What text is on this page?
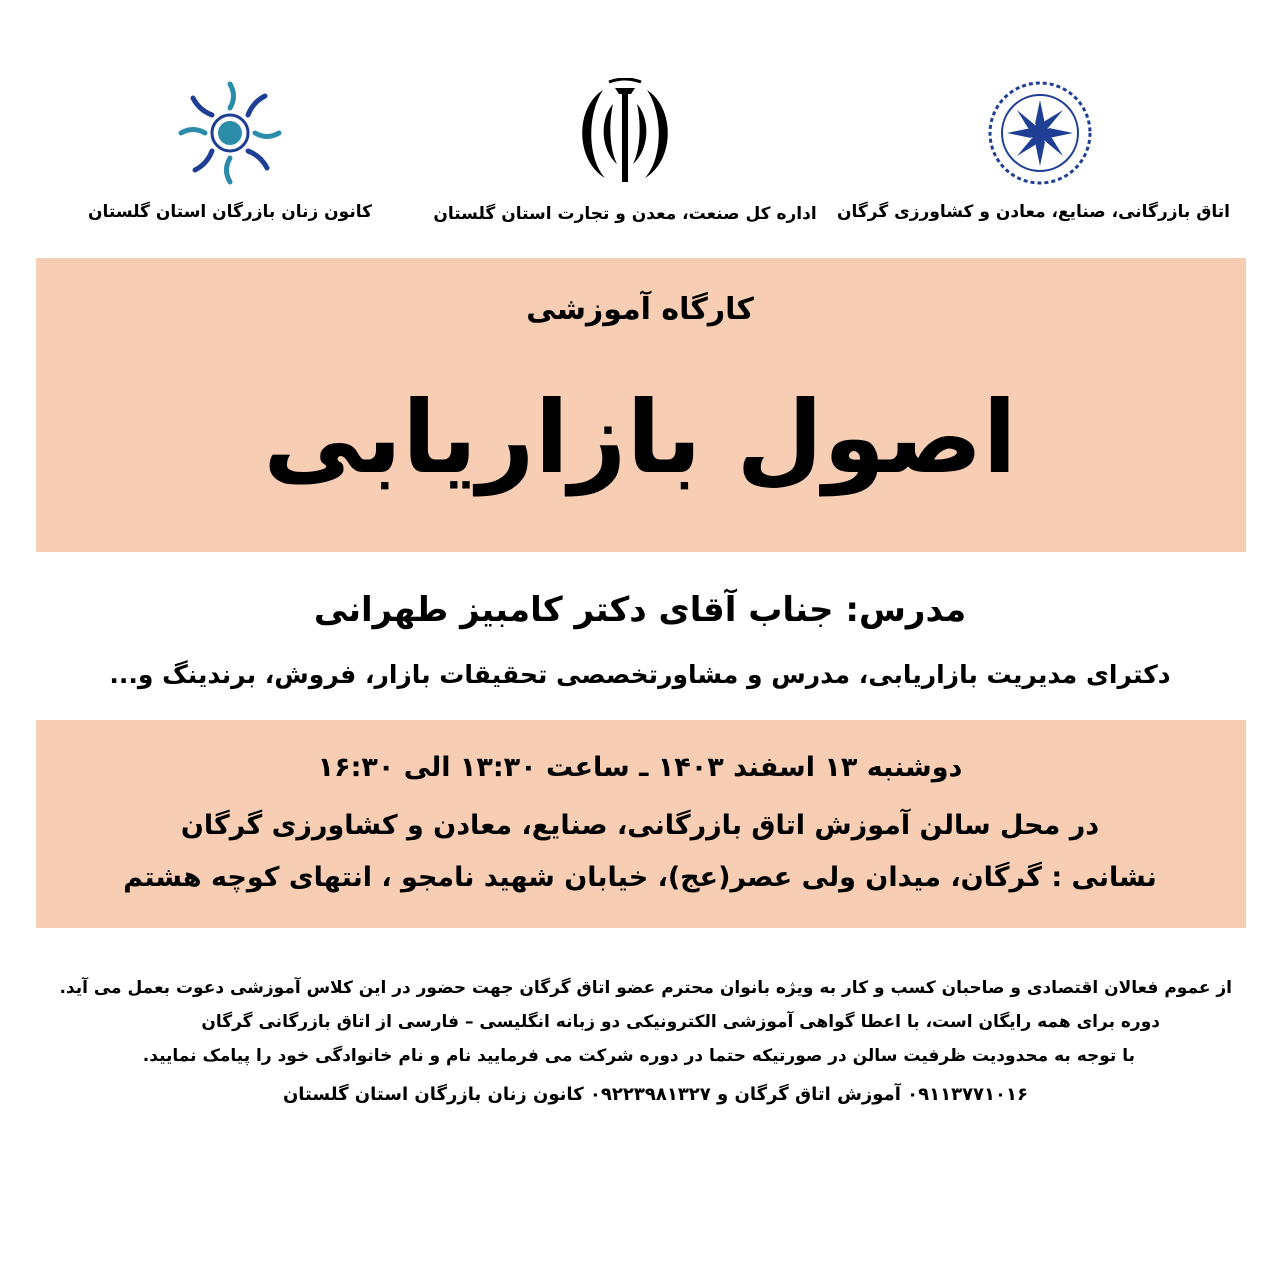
اتاق بازرگانی، صنایع، معادن و کشاورزی گرگان
اداره کل صنعت، معدن و تجارت استان گلستان
کانون زنان بازرگان استان گلستان
کارگاه آموزشی
اصول بازاریابی
مدرس: جناب آقای دکتر کامبیز طهرانی
دکترای مدیریت بازاریابی، مدرس و مشاورتخصصی تحقیقات بازار، فروش، برندینگ و...
دوشنبه ۱۳ اسفند ۱۴۰۳ ـ ساعت ۱۳:۳۰ الی ۱۶:۳۰
در محل سالن آموزش اتاق بازرگانی، صنایع، معادن و کشاورزی گرگان
نشانی : گرگان، میدان ولی عصر(عج)، خیابان شهید نامجو ، انتهای کوچه هشتم
از عموم فعالان اقتصادی و صاحبان کسب و کار به ویژه بانوان محترم عضو اتاق گرگان جهت حضور در این کلاس آموزشی دعوت بعمل می آید.
دوره برای همه رایگان است، با اعطا گواهی آموزشی الکترونیکی دو زبانه انگلیسی – فارسی از اتاق بازرگانی گرگان
با توجه به محدودیت ظرفیت سالن در صورتیکه حتما در دوره شرکت می فرمایید نام و نام خانوادگی خود را پیامک نمایید.
۰۹۱۱۳۷۷۱۰۱۶ آموزش اتاق گرگان و ۰۹۲۲۳۹۸۱۳۲۷ کانون زنان بازرگان استان گلستان
